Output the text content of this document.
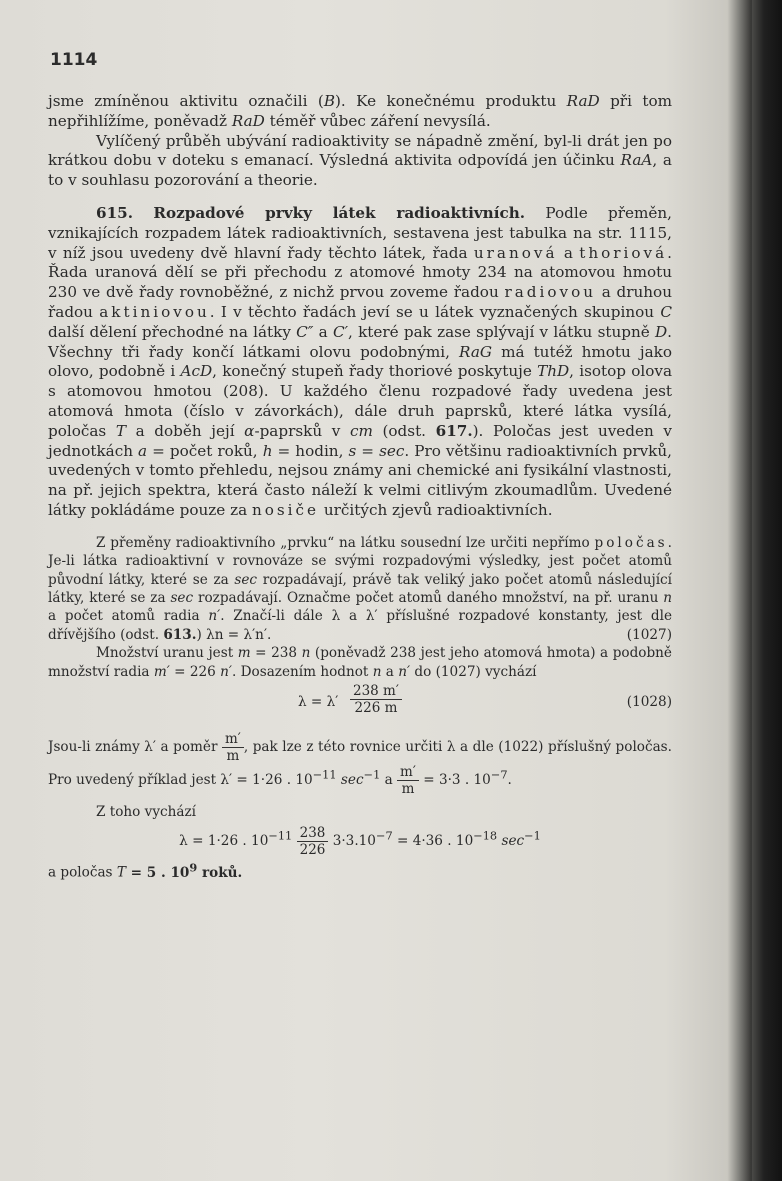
1114

jsme zmíněnou aktivitu označili (B). Ke konečnému produktu RaD při tom nepřihlížíme, poněvadž RaD téměř vůbec záření nevysílá.

Vylíčený průběh ubývání radioaktivity se nápadně změní, byl-li drát jen po krátkou dobu v doteku s emanací. Výsledná aktivita odpovídá jen účinku RaA, a to v souhlasu pozorování a theorie.

615. Rozpadové prvky látek radioaktivních. Podle přeměn, vznikajících rozpadem látek radioaktivních, sestavena jest tabulka na str. 1115, v níž jsou uvedeny dvě hlavní řady těchto látek, řada uranová a thoriová. Řada uranová dělí se při přechodu z atomové hmoty 234 na atomovou hmotu 230 ve dvě řady rovnoběžné, z nichž prvou zoveme řadou radiovou a druhou řadou aktiniovou. I v těchto řadách jeví se u látek vyznačených skupinou C další dělení přechodné na látky C″ a C′, které pak zase splývají v látku stupně D. Všechny tři řady končí látkami olovu podobnými, RaG má tutéž hmotu jako olovo, podobně i AcD, konečný stupeň řady thoriové poskytuje ThD, isotop olova s atomovou hmotou (208). U každého členu rozpadové řady uvedena jest atomová hmota (číslo v závorkách), dále druh paprsků, které látka vysílá, poločas T a doběh její α-paprsků v cm (odst. 617.). Poločas jest uveden v jednotkách a = počet roků, h = hodin, s = sec. Pro většinu radioaktivních prvků, uvedených v tomto přehledu, nejsou známy ani chemické ani fysikální vlastnosti, na př. jejich spektra, která často náleží k velmi citlivým zkoumadlům. Uvedené látky pokládáme pouze za nosiče určitých zjevů radioaktivních.

Z přeměny radioaktivního „prvku“ na látku sousední lze určiti nepřímo poločas. Je-li látka radioaktivní v rovnováze se svými rozpadovými výsledky, jest počet atomů původní látky, které se za sec rozpadávají, právě tak veliký jako počet atomů následující látky, které se za sec rozpadávají. Označme počet atomů daného množství, na př. uranu n a počet atomů radia n′. Značí-li dále λ a λ′ příslušné rozpadové konstanty, jest dle dřívějšího (odst. 613.) λn = λ′n′.	(1027)

Množství uranu jest m = 238 n (poněvadž 238 jest jeho atomová hmota) a podobně množství radia m′ = 226 n′. Dosazením hodnot n a n′ do (1027) vychází

$\lambda = \lambda' \frac{238 m'}{226 m}$	(1028)

Jsou-li známy λ′ a poměr $\frac{m'}{m}$ , pak lze z této rovnice určiti λ a dle (1022) příslušný poločas. Pro uvedený příklad jest λ′ = 1·26 . $10^{-11}$ $\sec^{-1} a \frac{m'}{m} = 3\cdot 3$ . $10^{-7}$.

Z toho vychází

λ = 1·26 . $10^{-11} \frac{238}{226} 3\cdot 3.10^{-7} = 4\cdot 36$ . $10^{-18}$ $\sec^{-1}$

a poločas T = 5 . $10^9$ roků.
